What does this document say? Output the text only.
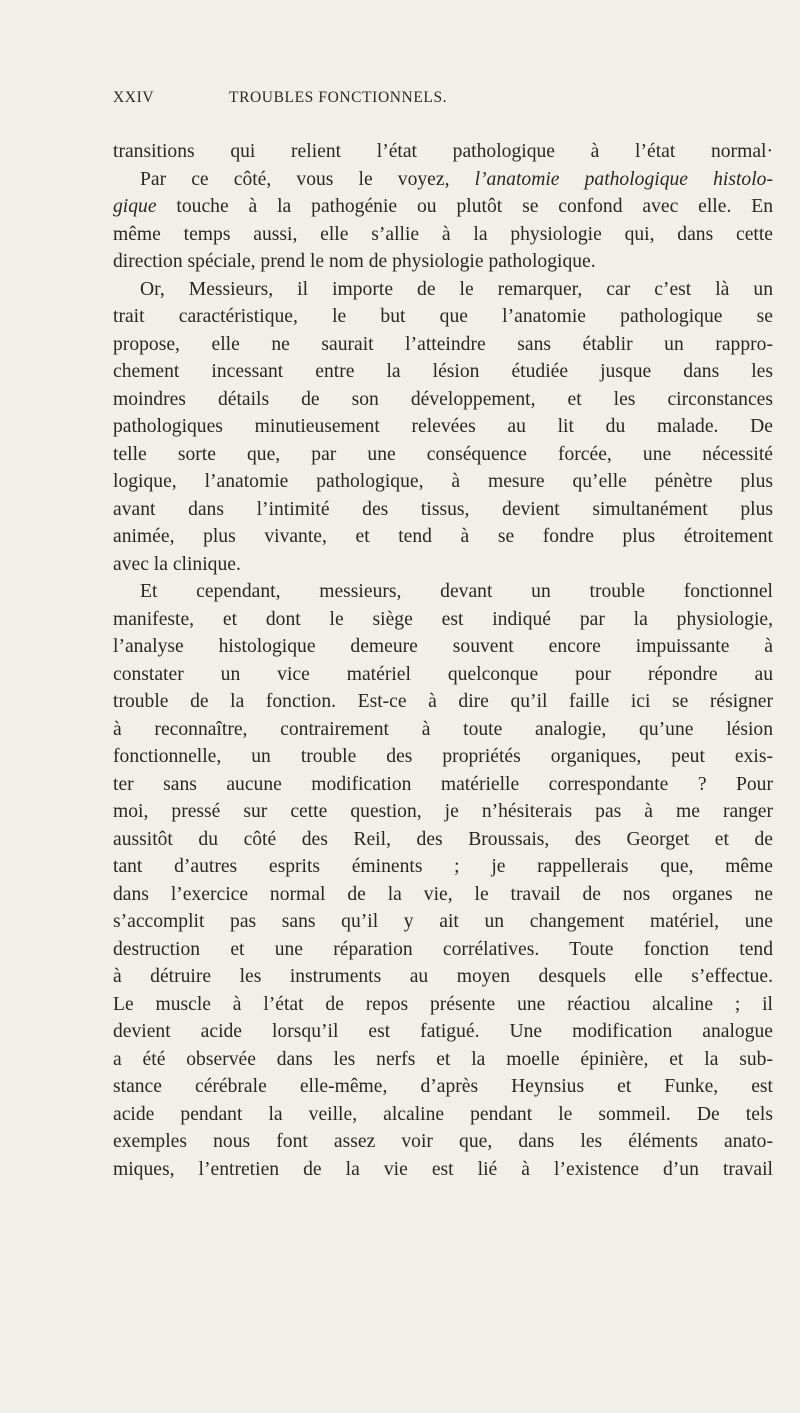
XXIV	TROUBLES FONCTIONNELS.
transitions qui relient l’état pathologique à l’état normal·
Par ce côté, vous le voyez, l’anatomie pathologique histolo-
gique touche à la pathogénie ou plutôt se confond avec elle. En
même temps aussi, elle s’allie à la physiologie qui, dans cette
direction spéciale, prend le nom de physiologie pathologique.
Or, Messieurs, il importe de le remarquer, car c’est là un
trait caractéristique, le but que l’anatomie pathologique se
propose, elle ne saurait l’atteindre sans établir un rappro-
chement incessant entre la lésion étudiée jusque dans les
moindres détails de son développement, et les circonstances
pathologiques minutieusement relevées au lit du malade. De
telle sorte que, par une conséquence forcée, une nécessité
logique, l’anatomie pathologique, à mesure qu’elle pénètre plus
avant dans l’intimité des tissus, devient simultanément plus
animée, plus vivante, et tend à se fondre plus étroitement
avec la clinique.
Et cependant, messieurs, devant un trouble fonctionnel
manifeste, et dont le siège est indiqué par la physiologie,
l’analyse histologique demeure souvent encore impuissante à
constater un vice matériel quelconque pour répondre au
trouble de la fonction. Est-ce à dire qu’il faille ici se résigner
à reconnaître, contrairement à toute analogie, qu’une lésion
fonctionnelle, un trouble des propriétés organiques, peut exis-
ter sans aucune modification matérielle correspondante ? Pour
moi, pressé sur cette question, je n’hésiterais pas à me ranger
aussitôt du côté des Reil, des Broussais, des Georget et de
tant d’autres esprits éminents ; je rappellerais que, même
dans l’exercice normal de la vie, le travail de nos organes ne
s’accomplit pas sans qu’il y ait un changement matériel, une
destruction et une réparation corrélatives. Toute fonction tend
à détruire les instruments au moyen desquels elle s’effectue.
Le muscle à l’état de repos présente une réactiou alcaline ; il
devient acide lorsqu’il est fatigué. Une modification analogue
a été observée dans les nerfs et la moelle épinière, et la sub-
stance cérébrale elle-même, d’après Heynsius et Funke, est
acide pendant la veille, alcaline pendant le sommeil. De tels
exemples nous font assez voir que, dans les éléments anato-
miques, l’entretien de la vie est lié à l’existence d’un travail
